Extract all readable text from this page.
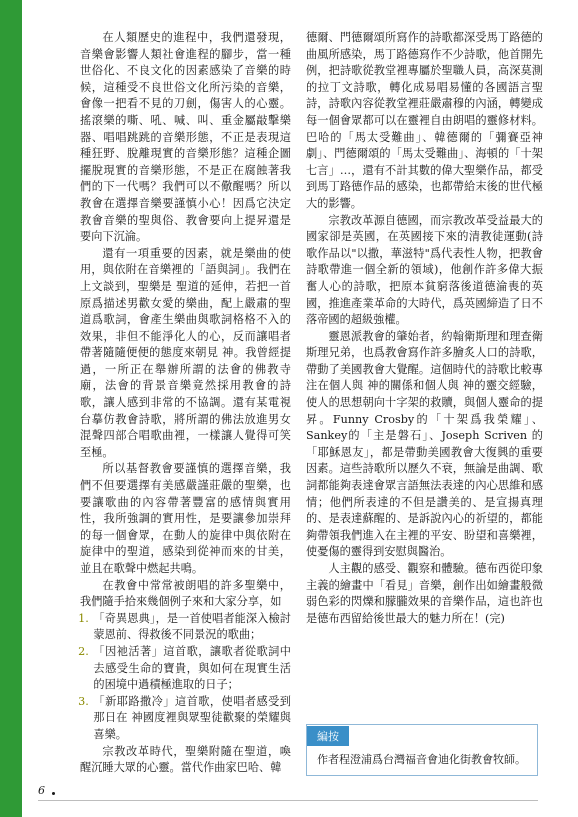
在人類歷史的進程中，我們還發現，音樂會影響人類社會進程的腳步，當一種世俗化、不良文化的因素感染了音樂的時候，這種受不良世俗文化所污染的音樂，會像一把看不見的刀劍，傷害人的心靈。搖滾樂的嘶、吼、喊、叫、重金屬敲擊樂器、唱唱跳跳的音樂形態，不正是表現這種狂野、脫離現實的音樂形態？這種企圖擺脫現實的音樂形態，不是正在腐蝕著我們的下一代嗎？我們可以不儆醒嗎？所以教會在選擇音樂要謹慎小心！因爲它決定教會音樂的聖與俗、教會要向上提昇還是要向下沉淪。

還有一項重要的因素，就是樂曲的使用，與依附在音樂裡的「語與詞」。我們在上文談到，聖樂是 聖道的延伸，若把一首原爲描述男歡女愛的樂曲，配上嚴肅的聖道爲歌詞，會產生樂曲與歌詞格格不入的效果，非但不能淨化人的心，反而讓唱者帶著隨隨便便的態度來朝見 神。我曾經提過，一所正在舉辦所謂的法會的佛教寺廟，法會的背景音樂竟然採用教會的詩歌，讓人感到非常的不協調。還有某電視台摹仿教會詩歌，將所謂的佛法放進男女混聲四部合唱歌曲裡，一樣讓人覺得可笑至極。

所以基督教會要謹慎的選擇音樂，我們不但要選擇有美感嚴謹莊嚴的聖樂，也要讓歌曲的內容帶著豐富的感情與實用性，我所強調的實用性，是要讓參加崇拜的每一個會眾，在動人的旋律中與依附在旋律中的聖道，感染到從神而來的甘美，並且在歌聲中燃起共鳴。

在教會中常常被朗唱的許多聖樂中，我們隨手拾來幾個例子來和大家分享，如

1. 「奇異恩典」，是一首使唱者能深入檢討蒙恩前、得救後不同景況的歌曲；
2. 「因祂活著」這首歌，讓歌者從歌詞中去感受生命的寶貴，與如何在現實生活的困境中過積極進取的日子；
3. 「新耶路撒冷」這首歌，使唱者感受到那日在 神國度裡與眾聖徒歡聚的榮耀與喜樂。

宗教改革時代，聖樂附隨在聖道，喚醒沉睡大眾的心靈。當代作曲家巴哈、韓

德爾、門德爾頌所寫作的詩歌都深受馬丁路德的曲風所感染，馬丁路德寫作不少詩歌，他首開先例，把詩歌從教堂裡專屬於聖職人員，高深莫測的拉丁文詩歌，轉化成易唱易懂的各國語言聖詩，詩歌內容從教堂裡莊嚴肅穆的內涵，轉變成每一個會眾都可以在靈裡自由朗唱的靈修材料。巴哈的「馬太受難曲」、韓德爾的「彌賽亞神劇」、門德爾頌的「馬太受難曲」、海頓的「十架七言」…，還有不計其數的偉大聖樂作品，都受到馬丁路德作品的感染，也都帶給末後的世代極大的影響。

宗教改革源自德國，而宗教改革受益最大的國家卻是英國，在英國接下來的清教徒運動(詩歌作品以"以撒，華滋特"爲代表性人物，把教會詩歌帶進一個全新的領域)，他創作許多偉大振奮人心的詩歌，把原本貧窮落後道德淪喪的英國，推進產業革命的大時代，爲英國締造了日不落帝國的超級強權。

靈恩派教會的肇始者，約翰衛斯理和理查衛斯理兄弟，也爲教會寫作許多膾炙人口的詩歌，帶動了美國教會大覺醒。這個時代的詩歌比較專注在個人與 神的關係和個人與 神的靈交經驗，使人的思想朝向十字架的救贖，與個人靈命的提昇。Funny Crosby的「十架爲我榮耀」、Sankey的「主是磐石」、Joseph Scriven 的「耶穌恩友」，都是帶動美國教會大復興的重要因素。這些詩歌所以歷久不衰，無論是曲調、歌詞都能夠表達會眾言語無法表達的內心思維和感情；他們所表達的不但是讚美的、是宣揚真理的、是表達蘇醒的、是訴說內心的祈望的，都能夠帶領我們進入在主裡的平安、盼望和喜樂裡，使憂傷的靈得到安慰與醫治。

人主觀的感受、觀察和體驗。德布西從印象主義的繪畫中「看見」音樂，創作出如繪畫般微弱色彩的閃爍和朦朧效果的音樂作品，這也許也是德布西留給後世最大的魅力所在！(完)

編按
作者程澄浦爲台灣福音會迪化街教會牧師。
6
